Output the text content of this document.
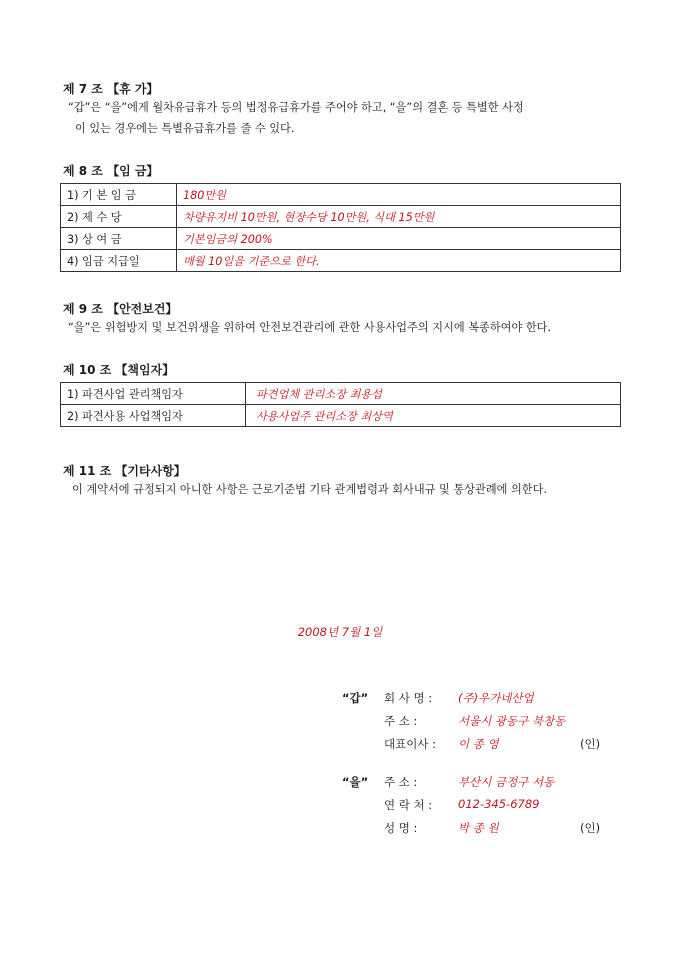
제 7 조 【휴 가】
“갑”은 “을”에게 월차유급휴가 등의 법정유급휴가를 주어야 하고, “을”의 결혼 등 특별한 사정
이 있는 경우에는 특별유급휴가를 줄 수 있다.
제 8 조 【임 금】
1) 기 본 임 금	180만원
2) 제 수 당	차량유지비 10만원, 현장수당 10만원, 식대 15만원
3) 상 여 금	기본임금의 200%
4) 임금 지급일	매월 10일을 기준으로 한다.
제 9 조 【안전보건】
“을”은 위험방지 및 보건위생을 위하여 안전보건관리에 관한 사용사업주의 지시에 복종하여야 한다.
제 10 조 【책임자】
1) 파견사업 관리책임자	파견업체 관리소장 최용섭
2) 파견사용 사업책임자	사용사업주 관리소장 최상역
제 11 조 【기타사항】
이 계약서에 규정되지 아니한 사항은 근로기준법 기타 관계법령과 회사내규 및 통상관례에 의한다.
2008년 7월 1일
“갑” 회 사 명 : (주)우가네산업
주 소 :	서울시 광동구 북창동
대표이사 : 이 종 영	(인)
“을” 주 소 :	부산시 금정구 서동
연 락 처 : 012-345-6789
성 명 :	박 종 원	(인)
